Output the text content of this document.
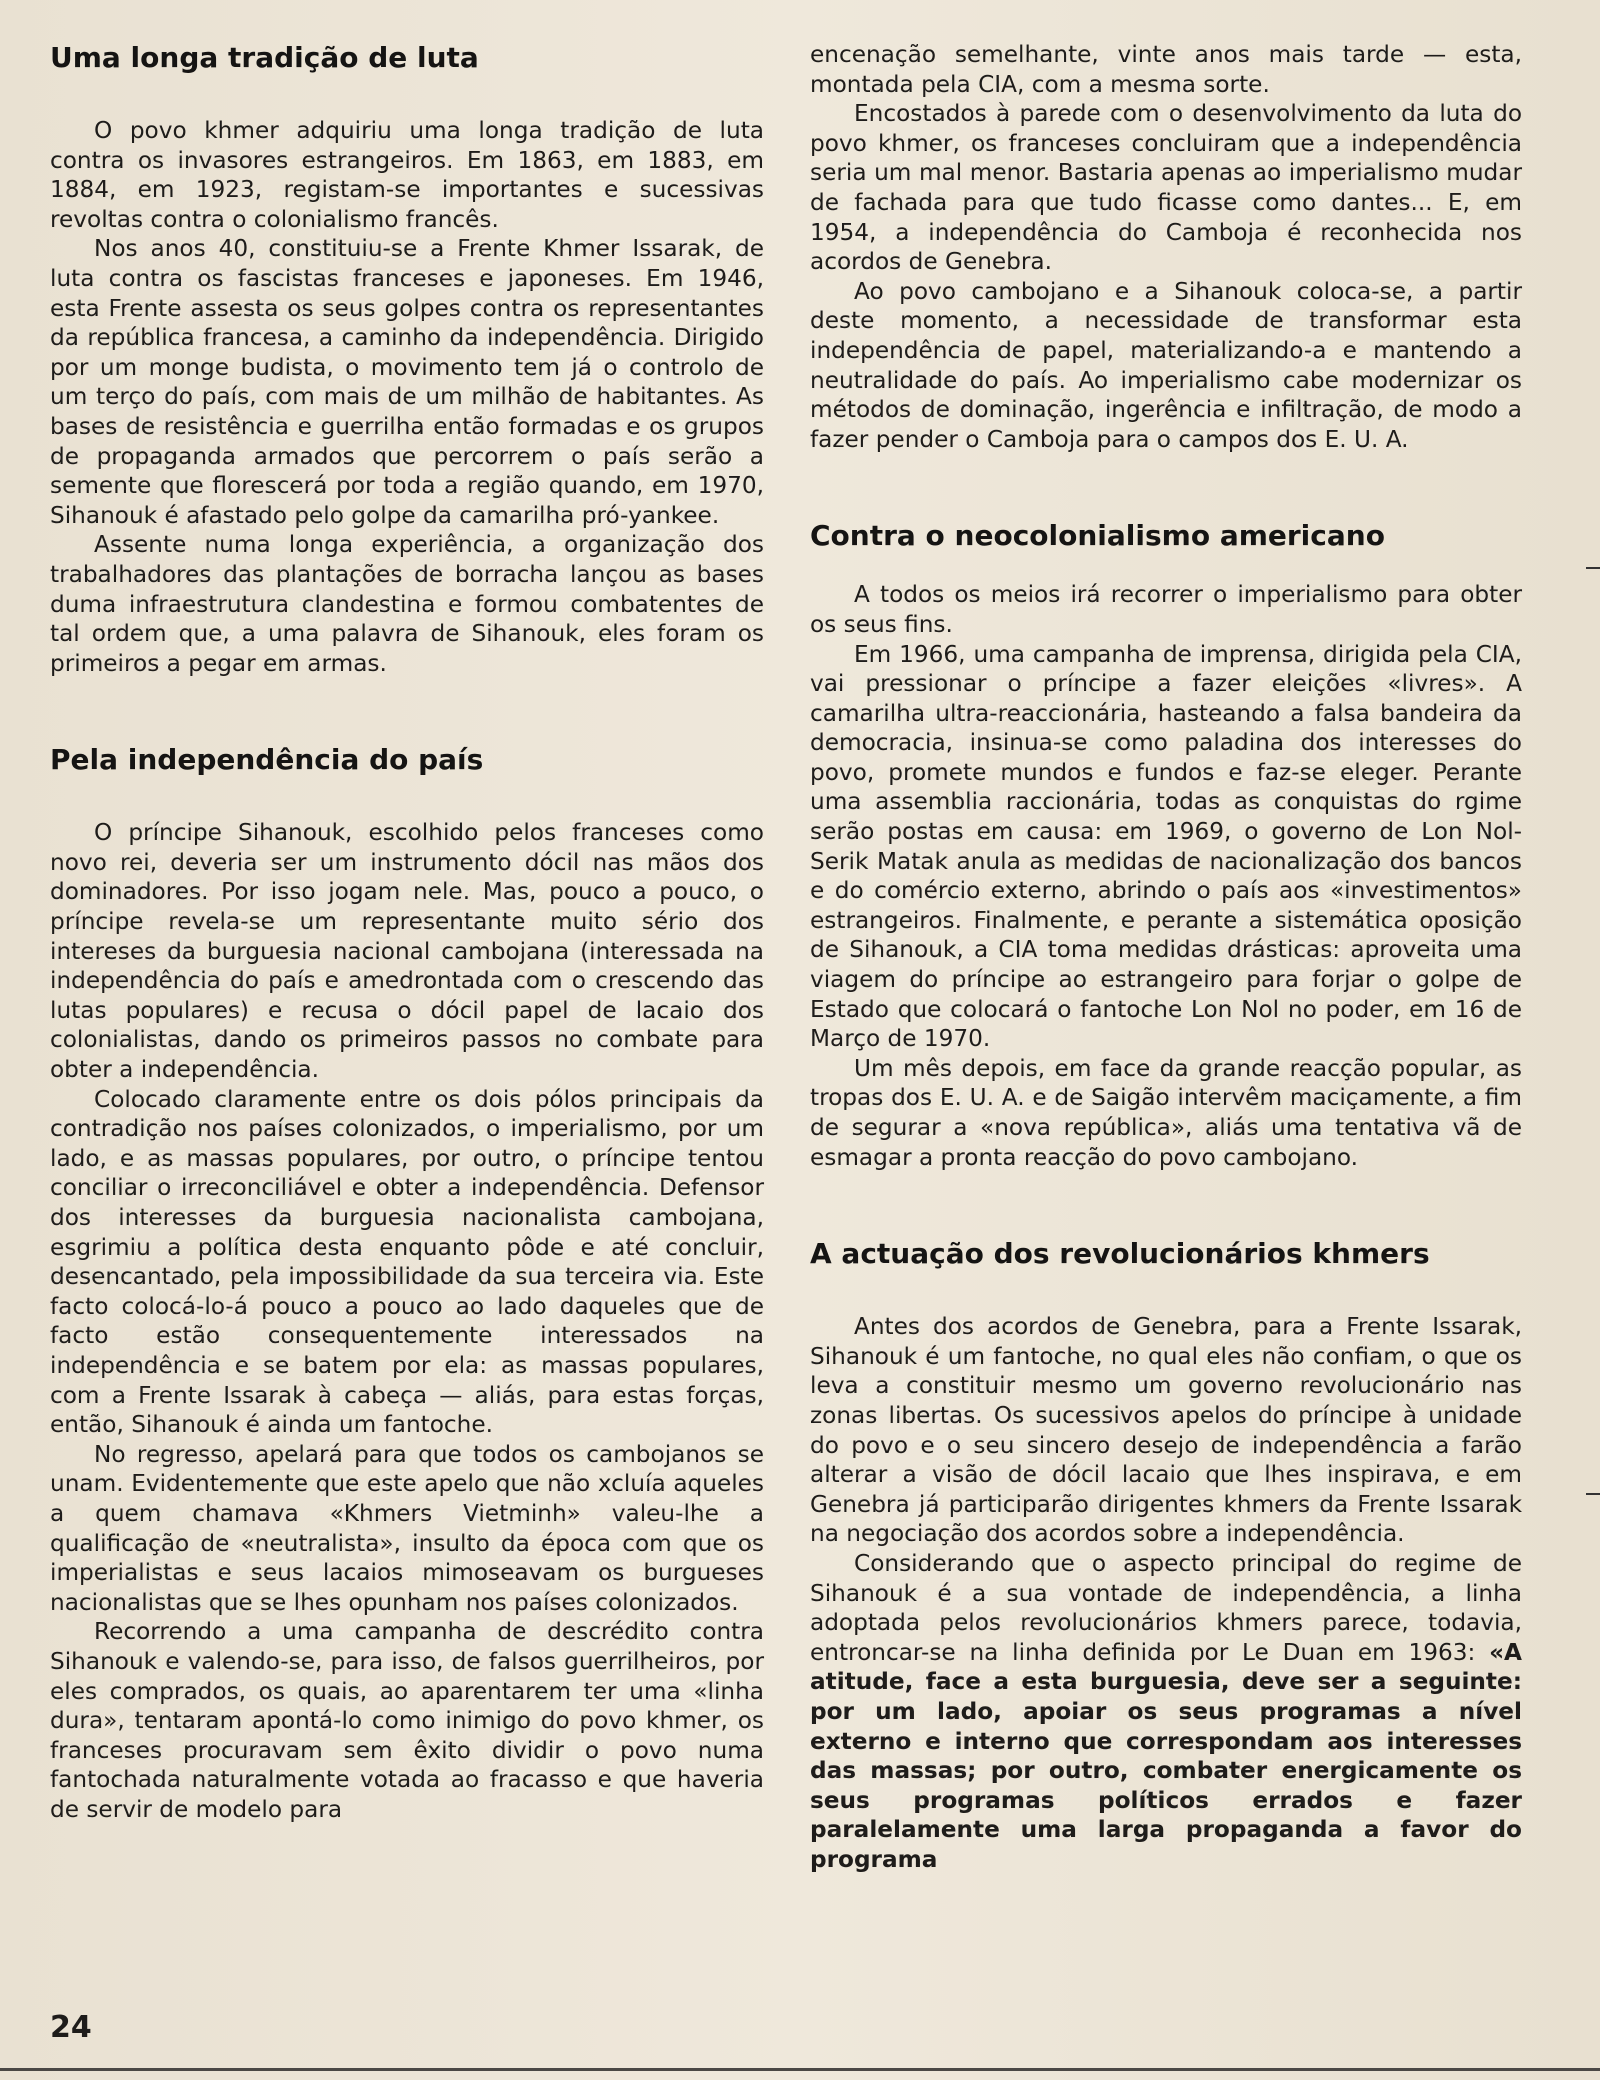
Uma longa tradição de luta

O povo khmer adquiriu uma longa tradição de luta contra os invasores estrangeiros. Em 1863, em 1883, em 1884, em 1923, registam-se importantes e sucessivas revoltas contra o colonialismo francês.

Nos anos 40, constituiu-se a Frente Khmer Issarak, de luta contra os fascistas franceses e japoneses. Em 1946, esta Frente assesta os seus golpes contra os representantes da república francesa, a caminho da independência. Dirigido por um monge budista, o movimento tem já o controlo de um terço do país, com mais de um milhão de habitantes. As bases de resistência e guerrilha então formadas e os grupos de propaganda armados que percorrem o país serão a semente que florescerá por toda a região quando, em 1970, Sihanouk é afastado pelo golpe da camarilha pró-yankee.

Assente numa longa experiência, a organização dos trabalhadores das plantações de borracha lançou as bases duma infraestrutura clandestina e formou combatentes de tal ordem que, a uma palavra de Sihanouk, eles foram os primeiros a pegar em armas.

Pela independência do país

O príncipe Sihanouk, escolhido pelos franceses como novo rei, deveria ser um instrumento dócil nas mãos dos dominadores. Por isso jogam nele. Mas, pouco a pouco, o príncipe revela-se um representante muito sério dos intereses da burguesia nacional cambojana (interessada na independência do país e amedrontada com o crescendo das lutas populares) e recusa o dócil papel de lacaio dos colonialistas, dando os primeiros passos no combate para obter a independência.

Colocado claramente entre os dois pólos principais da contradição nos países colonizados, o imperialismo, por um lado, e as massas populares, por outro, o príncipe tentou conciliar o irreconciliável e obter a independência. Defensor dos interesses da burguesia nacionalista cambojana, esgrimiu a política desta enquanto pôde e até concluir, desencantado, pela impossibilidade da sua terceira via. Este facto colocá-lo-á pouco a pouco ao lado daqueles que de facto estão consequentemente interessados na independência e se batem por ela: as massas populares, com a Frente Issarak à cabeça — aliás, para estas forças, então, Sihanouk é ainda um fantoche.

No regresso, apelará para que todos os cambojanos se unam. Evidentemente que este apelo que não xcluía aqueles a quem chamava «Khmers Vietminh» valeu-lhe a qualificação de «neutralista», insulto da época com que os imperialistas e seus lacaios mimoseavam os burgueses nacionalistas que se lhes opunham nos países colonizados.

Recorrendo a uma campanha de descrédito contra Sihanouk e valendo-se, para isso, de falsos guerrilheiros, por eles comprados, os quais, ao aparentarem ter uma «linha dura», tentaram apontá-lo como inimigo do povo khmer, os franceses procuravam sem êxito dividir o povo numa fantochada naturalmente votada ao fracasso e que haveria de servir de modelo para

encenação semelhante, vinte anos mais tarde — esta, montada pela CIA, com a mesma sorte.

Encostados à parede com o desenvolvimento da luta do povo khmer, os franceses concluiram que a independência seria um mal menor. Bastaria apenas ao imperialismo mudar de fachada para que tudo ficasse como dantes... E, em 1954, a independência do Camboja é reconhecida nos acordos de Genebra.

Ao povo cambojano e a Sihanouk coloca-se, a partir deste momento, a necessidade de transformar esta independência de papel, materializando-a e mantendo a neutralidade do país. Ao imperialismo cabe modernizar os métodos de dominação, ingerência e infiltração, de modo a fazer pender o Camboja para o campos dos E. U. A.

Contra o neocolonialismo americano

A todos os meios irá recorrer o imperialismo para obter os seus fins.

Em 1966, uma campanha de imprensa, dirigida pela CIA, vai pressionar o príncipe a fazer eleições «livres». A camarilha ultra-reaccionária, hasteando a falsa bandeira da democracia, insinua-se como paladina dos interesses do povo, promete mundos e fundos e faz-se eleger. Perante uma assemblia raccionária, todas as conquistas do rgime serão postas em causa: em 1969, o governo de Lon Nol-Serik Matak anula as medidas de nacionalização dos bancos e do comércio externo, abrindo o país aos «investimentos» estrangeiros. Finalmente, e perante a sistemática oposição de Sihanouk, a CIA toma medidas drásticas: aproveita uma viagem do príncipe ao estrangeiro para forjar o golpe de Estado que colocará o fantoche Lon Nol no poder, em 16 de Março de 1970.

Um mês depois, em face da grande reacção popular, as tropas dos E. U. A. e de Saigão intervêm maciçamente, a fim de segurar a «nova república», aliás uma tentativa vã de esmagar a pronta reacção do povo cambojano.

A actuação dos revolucionários khmers

Antes dos acordos de Genebra, para a Frente Issarak, Sihanouk é um fantoche, no qual eles não confiam, o que os leva a constituir mesmo um governo revolucionário nas zonas libertas. Os sucessivos apelos do príncipe à unidade do povo e o seu sincero desejo de independência a farão alterar a visão de dócil lacaio que lhes inspirava, e em Genebra já participarão dirigentes khmers da Frente Issarak na negociação dos acordos sobre a independência.

Considerando que o aspecto principal do regime de Sihanouk é a sua vontade de independência, a linha adoptada pelos revolucionários khmers parece, todavia, entroncar-se na linha definida por Le Duan em 1963: «A atitude, face a esta burguesia, deve ser a seguinte: por um lado, apoiar os seus programas a nível externo e interno que correspondam aos interesses das massas; por outro, combater energicamente os seus programas políticos errados e fazer paralelamente uma larga propaganda a favor do programa

24
